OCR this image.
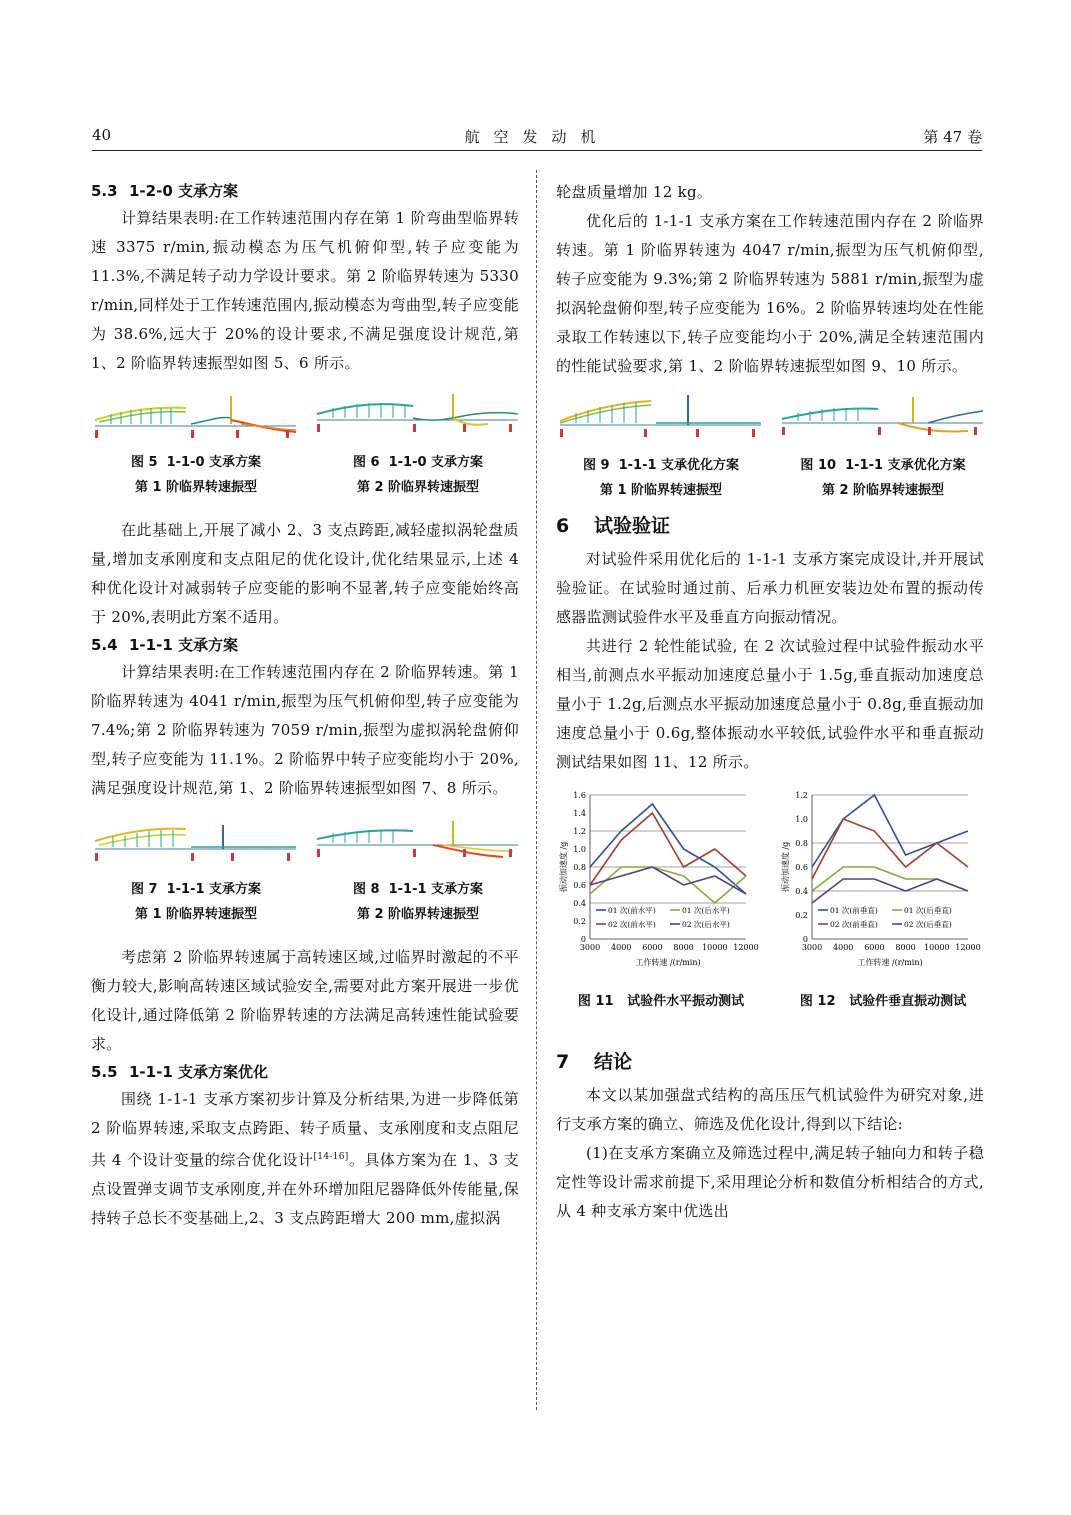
40	航空发动机	第 47 卷
5.3 1-2-0 支承方案

计算结果表明:在工作转速范围内存在第 1 阶弯曲型临界转速 3375 r/min,振动模态为压气机俯仰型,转子应变能为 11.3%,不满足转子动力学设计要求。第 2 阶临界转速为 5330 r/min,同样处于工作转速范围内,振动模态为弯曲型,转子应变能为 38.6%,远大于 20%的设计要求,不满足强度设计规范,第 1、2 阶临界转速振型如图 5、6 所示。

图 5 1-1-0 支承方案
第 1 阶临界转速振型
图 6 1-1-0 支承方案
第 2 阶临界转速振型

在此基础上,开展了减小 2、3 支点跨距,减轻虚拟涡轮盘质量,增加支承刚度和支点阻尼的优化设计,优化结果显示,上述 4 种优化设计对减弱转子应变能的影响不显著,转子应变能始终高于 20%,表明此方案不适用。

5.4 1-1-1 支承方案

计算结果表明:在工作转速范围内存在 2 阶临界转速。第 1 阶临界转速为 4041 r/min,振型为压气机俯仰型,转子应变能为 7.4%;第 2 阶临界转速为 7059 r/min,振型为虚拟涡轮盘俯仰型,转子应变能为 11.1%。2 阶临界中转子应变能均小于 20%,满足强度设计规范,第 1、2 阶临界转速振型如图 7、8 所示。

图 7 1-1-1 支承方案
第 1 阶临界转速振型
图 8 1-1-1 支承方案
第 2 阶临界转速振型

考虑第 2 阶临界转速属于高转速区域,过临界时激起的不平衡力较大,影响高转速区域试验安全,需要对此方案开展进一步优化设计,通过降低第 2 阶临界转速的方法满足高转速性能试验要求。

5.5 1-1-1 支承方案优化

围绕 1-1-1 支承方案初步计算及分析结果,为进一步降低第 2 阶临界转速,采取支点跨距、转子质量、支承刚度和支点阻尼共 4 个设计变量的综合优化设计[14-16]。具体方案为在 1、3 支点设置弹支调节支承刚度,并在外环增加阻尼器降低外传能量,保持转子总长不变基础上,2、3 支点跨距增大 200 mm,虚拟涡

轮盘质量增加 12 kg。

优化后的 1-1-1 支承方案在工作转速范围内存在 2 阶临界转速。第 1 阶临界转速为 4047 r/min,振型为压气机俯仰型,转子应变能为 9.3%;第 2 阶临界转速为 5881 r/min,振型为虚拟涡轮盘俯仰型,转子应变能为 16%。2 阶临界转速均处在性能录取工作转速以下,转子应变能均小于 20%,满足全转速范围内的性能试验要求,第 1、2 阶临界转速振型如图 9、10 所示。

图 9 1-1-1 支承优化方案
第 1 阶临界转速振型
图 10 1-1-1 支承优化方案
第 2 阶临界转速振型
6 试验验证

对试验件采用优化后的 1-1-1 支承方案完成设计,并开展试验验证。在试验时通过前、后承力机匣安装边处布置的振动传感器监测试验件水平及垂直方向振动情况。

共进行 2 轮性能试验, 在 2 次试验过程中试验件振动水平相当,前测点水平振动加速度总量小于 1.5g,垂直振动加速度总量小于 1.2g,后测点水平振动加速度总量小于 0.8g,垂直振动加速度总量小于 0.6g,整体振动水平较低,试验件水平和垂直振动测试结果如图 11、12 所示。

0
0.2
0.4
0.6
0.8
1.0
1.2
1.4
1.6
3000 4000 6000 8000 10000 12000
工作转速 /(r/min)
振动加速度 /g
01 次(前水平)
02 次(前水平)
01 次(后水平)
02 次(后水平)
图 11 试验件水平振动测试
0
0.2
0.4
0.6
0.8
1.0
1.2
3000 4000 6000 8000 10000 12000
工作转速 /(r/min)
振动加速度 /g
01 次(前垂直)
02 次(前垂直)
01 次(后垂直)
02 次(后垂直)
图 12 试验件垂直振动测试
7 结论

本文以某加强盘式结构的高压压气机试验件为研究对象,进行支承方案的确立、筛选及优化设计,得到以下结论:

(1)在支承方案确立及筛选过程中,满足转子轴向力和转子稳定性等设计需求前提下,采用理论分析和数值分析相结合的方式,从 4 种支承方案中优选出
